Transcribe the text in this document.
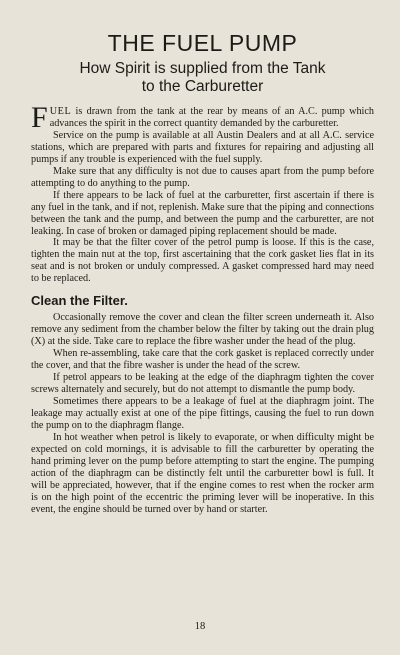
THE FUEL PUMP
How Spirit is supplied from the Tank
to the Carburetter

FUEL is drawn from the tank at the rear by means of an A.C. pump which advances the spirit in the correct quantity demanded by the carburetter.

Service on the pump is available at all Austin Dealers and at all A.C. service stations, which are prepared with parts and fixtures for repairing and adjusting all pumps if any trouble is experienced with the fuel supply.

Make sure that any difficulty is not due to causes apart from the pump before attempting to do anything to the pump.

If there appears to be lack of fuel at the carburetter, first ascertain if there is any fuel in the tank, and if not, replenish. Make sure that the piping and connections between the tank and the pump, and between the pump and the carburetter, are not leaking. In case of broken or damaged piping replacement should be made.

It may be that the filter cover of the petrol pump is loose. If this is the case, tighten the main nut at the top, first ascertaining that the cork gasket lies flat in its seat and is not broken or unduly compressed. A gasket compressed hard may need to be replaced.

Clean the Filter.

Occasionally remove the cover and clean the filter screen underneath it. Also remove any sediment from the chamber below the filter by taking out the drain plug (X) at the side. Take care to replace the fibre washer under the head of the plug.

When re-assembling, take care that the cork gasket is replaced correctly under the cover, and that the fibre washer is under the head of the screw.

If petrol appears to be leaking at the edge of the diaphragm tighten the cover screws alternately and securely, but do not attempt to dismantle the pump body.

Sometimes there appears to be a leakage of fuel at the diaphragm joint. The leakage may actually exist at one of the pipe fittings, causing the fuel to run down the pump on to the diaphragm flange.

In hot weather when petrol is likely to evaporate, or when difficulty might be expected on cold mornings, it is advisable to fill the carburetter by operating the hand priming lever on the pump before attempting to start the engine. The pumping action of the diaphragm can be distinctly felt until the carburetter bowl is full. It will be appreciated, however, that if the engine comes to rest when the rocker arm is on the high point of the eccentric the priming lever will be inoperative. In this event, the engine should be turned over by hand or starter.

18
